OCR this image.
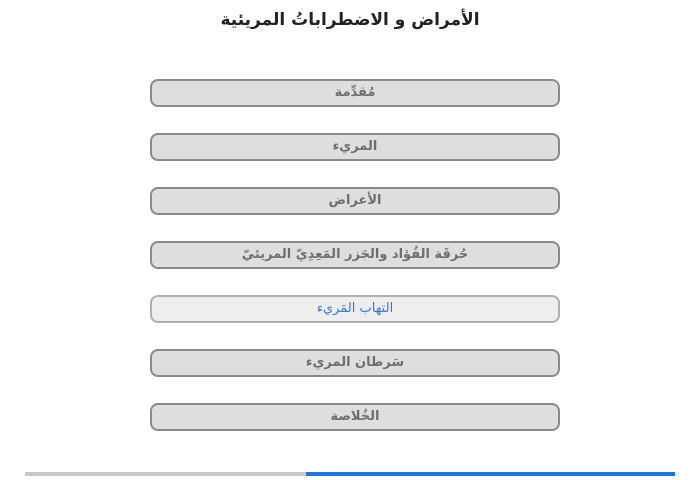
الأمراض و الاضطراباتُ المريئية
مُقدِّمة
المريء
الأعراض
حُرقَة الفُؤاد والجَزر المَعِدِيّ المريئيّ
التهاب المَريء
سَرطان المريء
الخُلاصة
